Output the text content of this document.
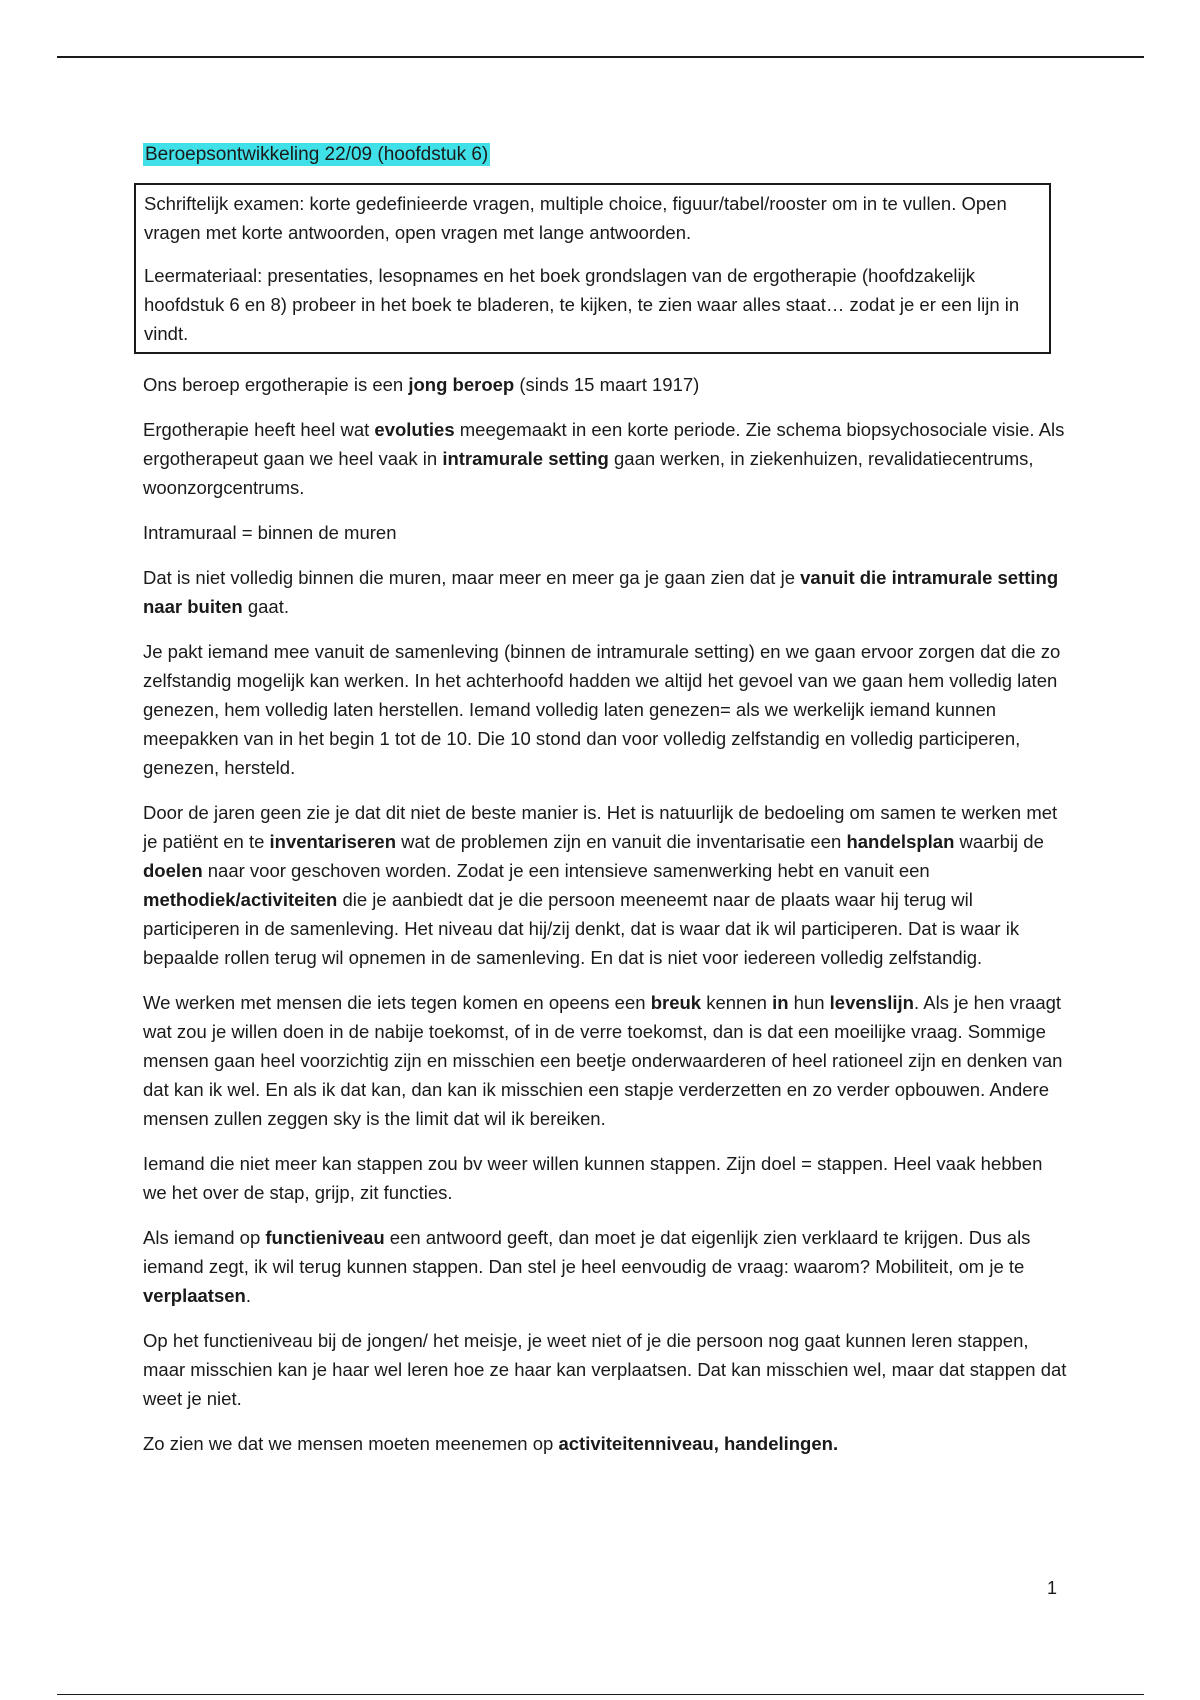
Beroepsontwikkeling 22/09 (hoofdstuk 6)

Schriftelijk examen: korte gedefinieerde vragen, multiple choice, figuur/tabel/rooster om in te vullen. Open vragen met korte antwoorden, open vragen met lange antwoorden.

Leermateriaal: presentaties, lesopnames en het boek grondslagen van de ergotherapie (hoofdzakelijk hoofdstuk 6 en 8) probeer in het boek te bladeren, te kijken, te zien waar alles staat… zodat je er een lijn in vindt.

Ons beroep ergotherapie is een jong beroep (sinds 15 maart 1917)

Ergotherapie heeft heel wat evoluties meegemaakt in een korte periode. Zie schema biopsychosociale visie. Als ergotherapeut gaan we heel vaak in intramurale setting gaan werken, in ziekenhuizen, revalidatiecentrums, woonzorgcentrums.

Intramuraal = binnen de muren

Dat is niet volledig binnen die muren, maar meer en meer ga je gaan zien dat je vanuit die intramurale setting naar buiten gaat.

Je pakt iemand mee vanuit de samenleving (binnen de intramurale setting) en we gaan ervoor zorgen dat die zo zelfstandig mogelijk kan werken. In het achterhoofd hadden we altijd het gevoel van we gaan hem volledig laten genezen, hem volledig laten herstellen. Iemand volledig laten genezen= als we werkelijk iemand kunnen meepakken van in het begin 1 tot de 10. Die 10 stond dan voor volledig zelfstandig en volledig participeren, genezen, hersteld.

Door de jaren geen zie je dat dit niet de beste manier is. Het is natuurlijk de bedoeling om samen te werken met je patiënt en te inventariseren wat de problemen zijn en vanuit die inventarisatie een handelsplan waarbij de doelen naar voor geschoven worden. Zodat je een intensieve samenwerking hebt en vanuit een methodiek/activiteiten die je aanbiedt dat je die persoon meeneemt naar de plaats waar hij terug wil participeren in de samenleving. Het niveau dat hij/zij denkt, dat is waar dat ik wil participeren. Dat is waar ik bepaalde rollen terug wil opnemen in de samenleving. En dat is niet voor iedereen volledig zelfstandig.

We werken met mensen die iets tegen komen en opeens een breuk kennen in hun levenslijn. Als je hen vraagt wat zou je willen doen in de nabije toekomst, of in de verre toekomst, dan is dat een moeilijke vraag. Sommige mensen gaan heel voorzichtig zijn en misschien een beetje onderwaarderen of heel rationeel zijn en denken van dat kan ik wel. En als ik dat kan, dan kan ik misschien een stapje verderzetten en zo verder opbouwen. Andere mensen zullen zeggen sky is the limit dat wil ik bereiken.

Iemand die niet meer kan stappen zou bv weer willen kunnen stappen. Zijn doel = stappen. Heel vaak hebben we het over de stap, grijp, zit functies.

Als iemand op functieniveau een antwoord geeft, dan moet je dat eigenlijk zien verklaard te krijgen. Dus als iemand zegt, ik wil terug kunnen stappen. Dan stel je heel eenvoudig de vraag: waarom? Mobiliteit, om je te verplaatsen.

Op het functieniveau bij de jongen/ het meisje, je weet niet of je die persoon nog gaat kunnen leren stappen, maar misschien kan je haar wel leren hoe ze haar kan verplaatsen. Dat kan misschien wel, maar dat stappen dat weet je niet.

Zo zien we dat we mensen moeten meenemen op activiteitenniveau, handelingen.

1
